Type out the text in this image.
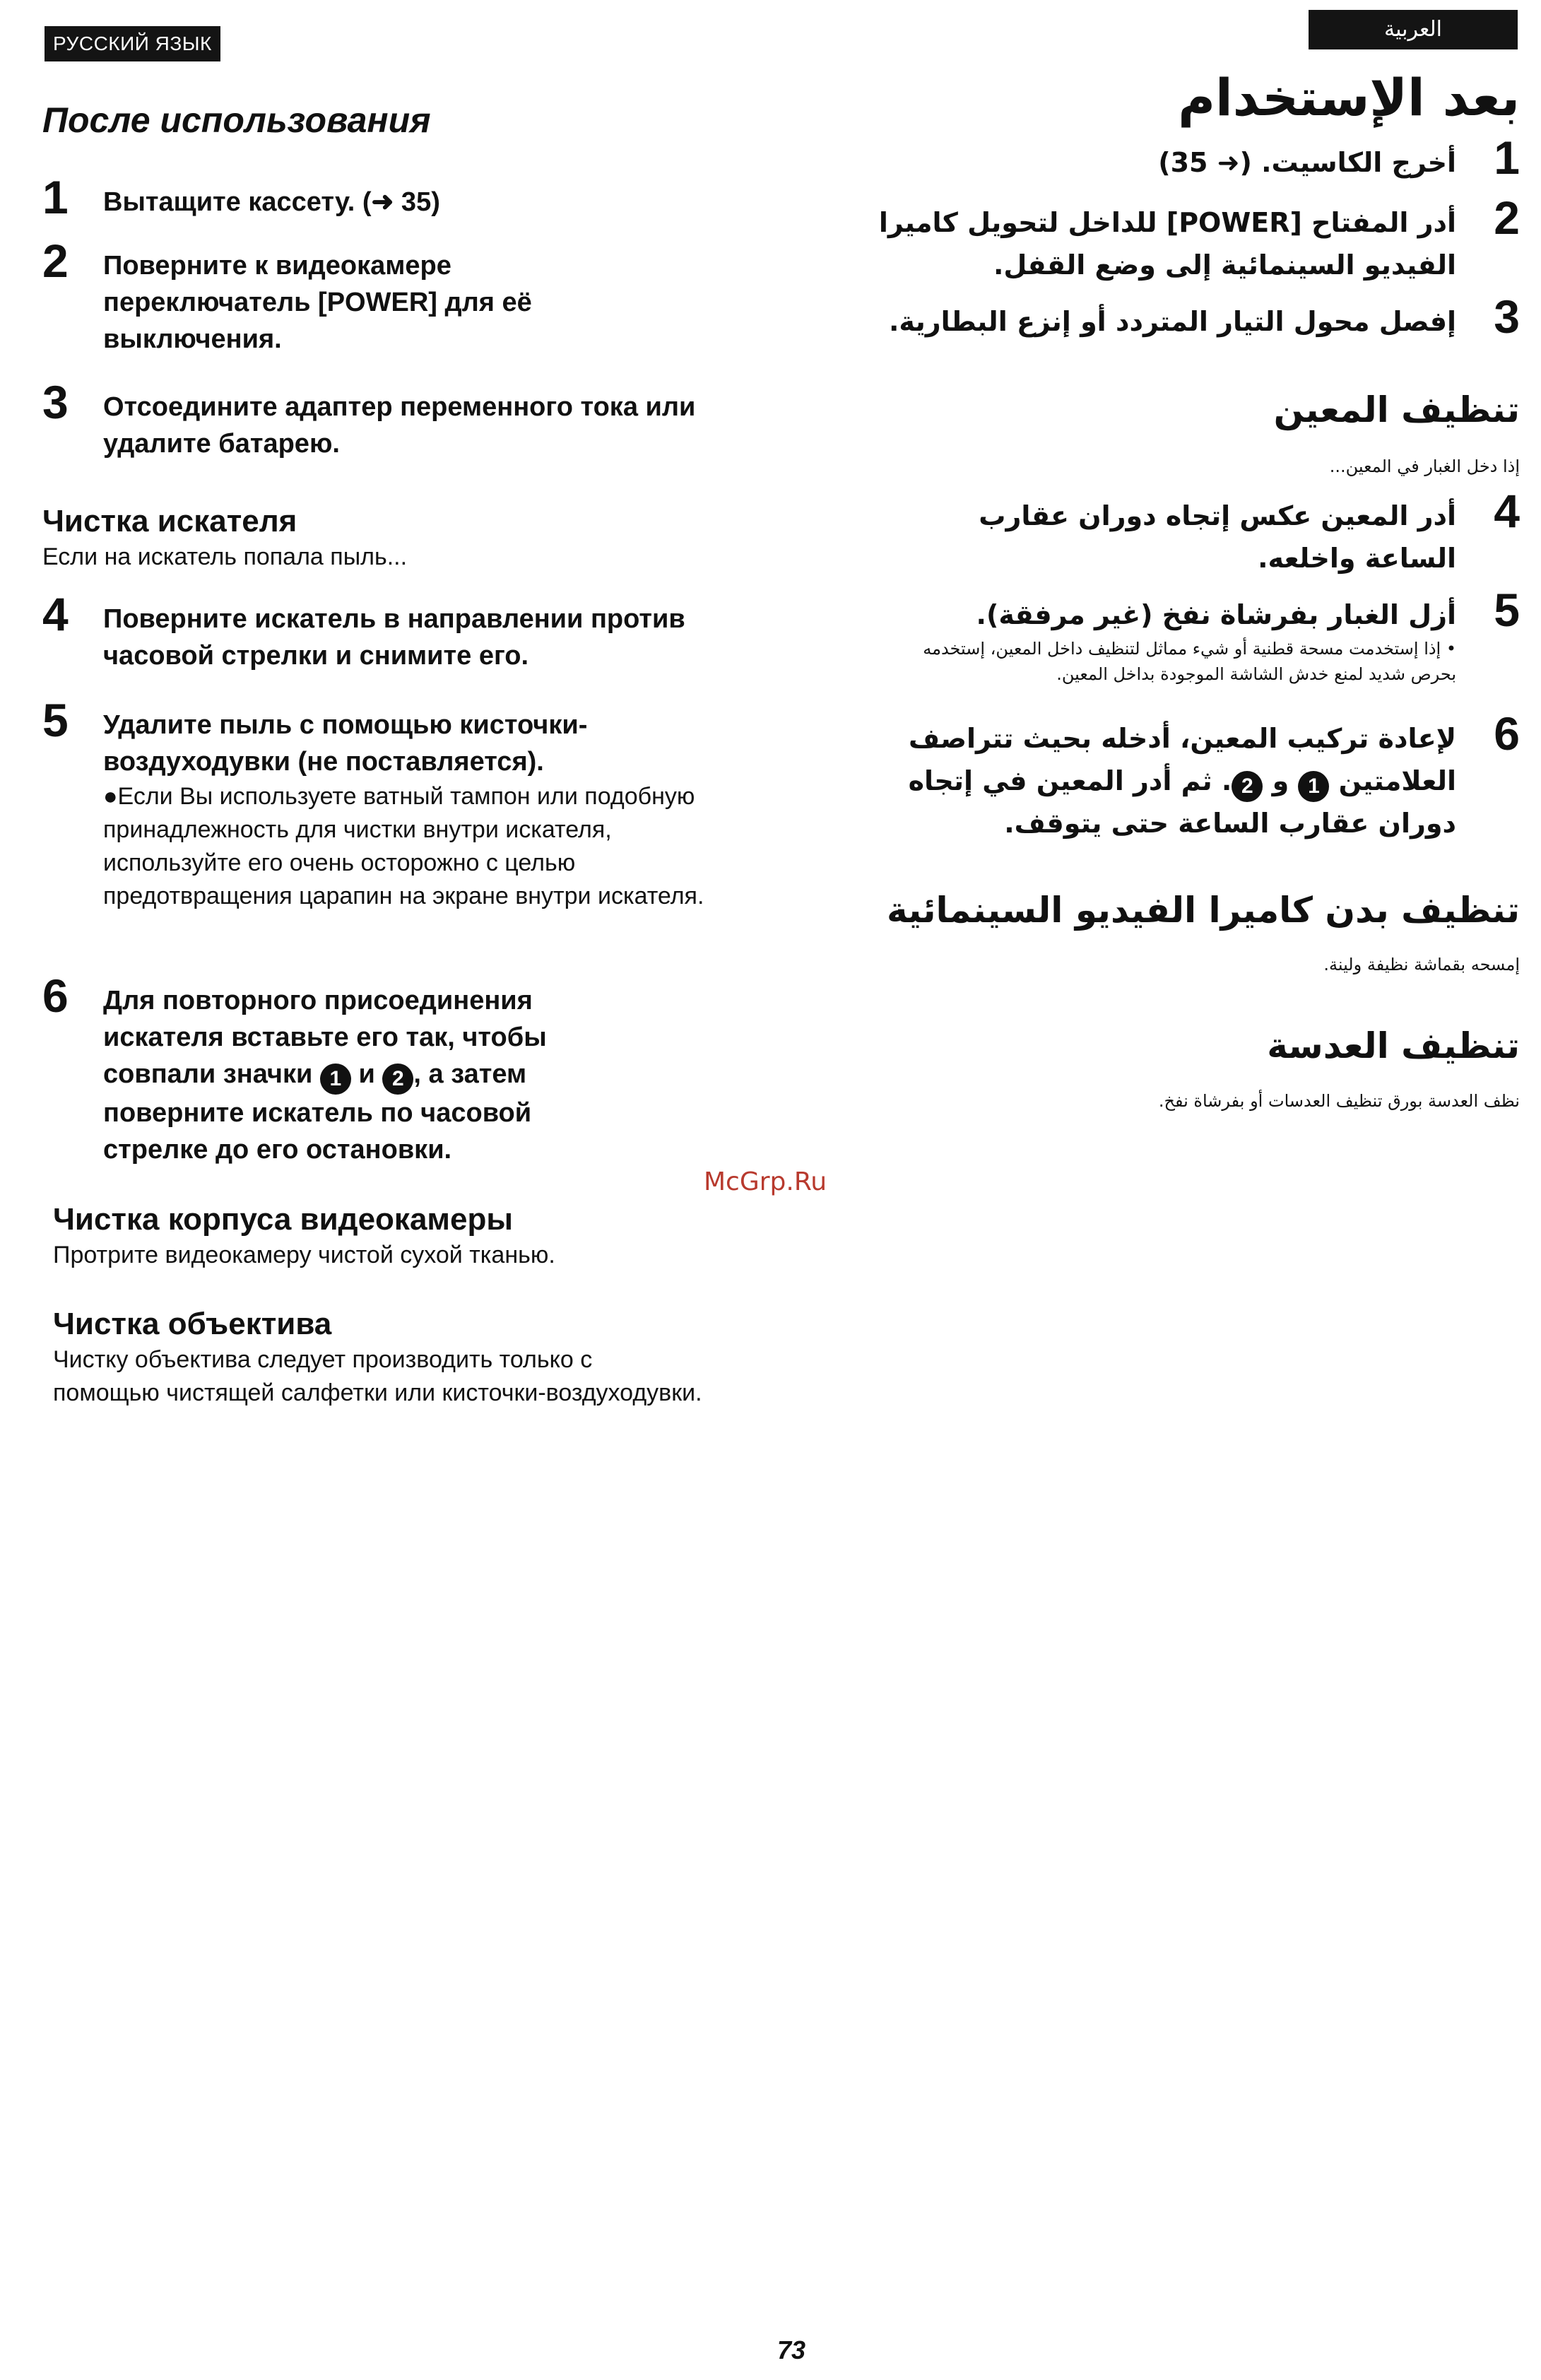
РУССКИЙ ЯЗЫК
После использования
1 Вытащите кассету. (➜ 35)
2 Поверните к видеокамере переключатель [POWER] для её выключения.
3 Отсоедините адаптер переменного тока или удалите батарею.
Чистка искателя
Если на искатель попала пыль...
4 Поверните искатель в направлении против часовой стрелки и снимите его.
5 Удалите пыль с помощью кисточки-воздуходувки (не поставляется).
●Если Вы используете ватный тампон или подобную принадлежность для чистки внутри искателя, используйте его очень осторожно с целью предотвращения царапин на экране внутри искателя.
6 Для повторного присоединения искателя вставьте его так, чтобы совпали значки 1 и 2 , а затем поверните искатель по часовой стрелке до его остановки.
Чистка корпуса видеокамеры
Протрите видеокамеру чистой сухой тканью.
Чистка объектива
Чистку объектива следует производить только с помощью чистящей салфетки или кисточки-воздуходувки.
العربية
بعد الإستخدام
1
أخرج الكاسيت. (➜ 35)
2
أدر المفتاح [POWER] للداخل لتحويل كاميرا الفيديو السينمائية إلى وضع القفل.
3
إفصل محول التيار المتردد أو إنزع البطارية.
تنظيف المعين
إذا دخل الغبار في المعين...
4
أدر المعين عكس إتجاه دوران عقارب الساعة واخلعه.
5
أزل الغبار بفرشاة نفخ (غير مرفقة).
• إذا إستخدمت مسحة قطنية أو شيء مماثل لتنظيف داخل المعين، إستخدمه بحرص شديد لمنع خدش الشاشة الموجودة بداخل المعين.
6
لإعادة تركيب المعين، أدخله بحيث تتراصف العلامتين 1 و 2. ثم أدر المعين في إتجاه دوران عقارب الساعة حتى يتوقف.
تنظيف بدن كاميرا الفيديو السينمائية
إمسحه بقماشة نظيفة ولينة.
تنظيف العدسة
نظف العدسة بورق تنظيف العدسات أو بفرشاة نفخ.
McGrp.Ru
73
